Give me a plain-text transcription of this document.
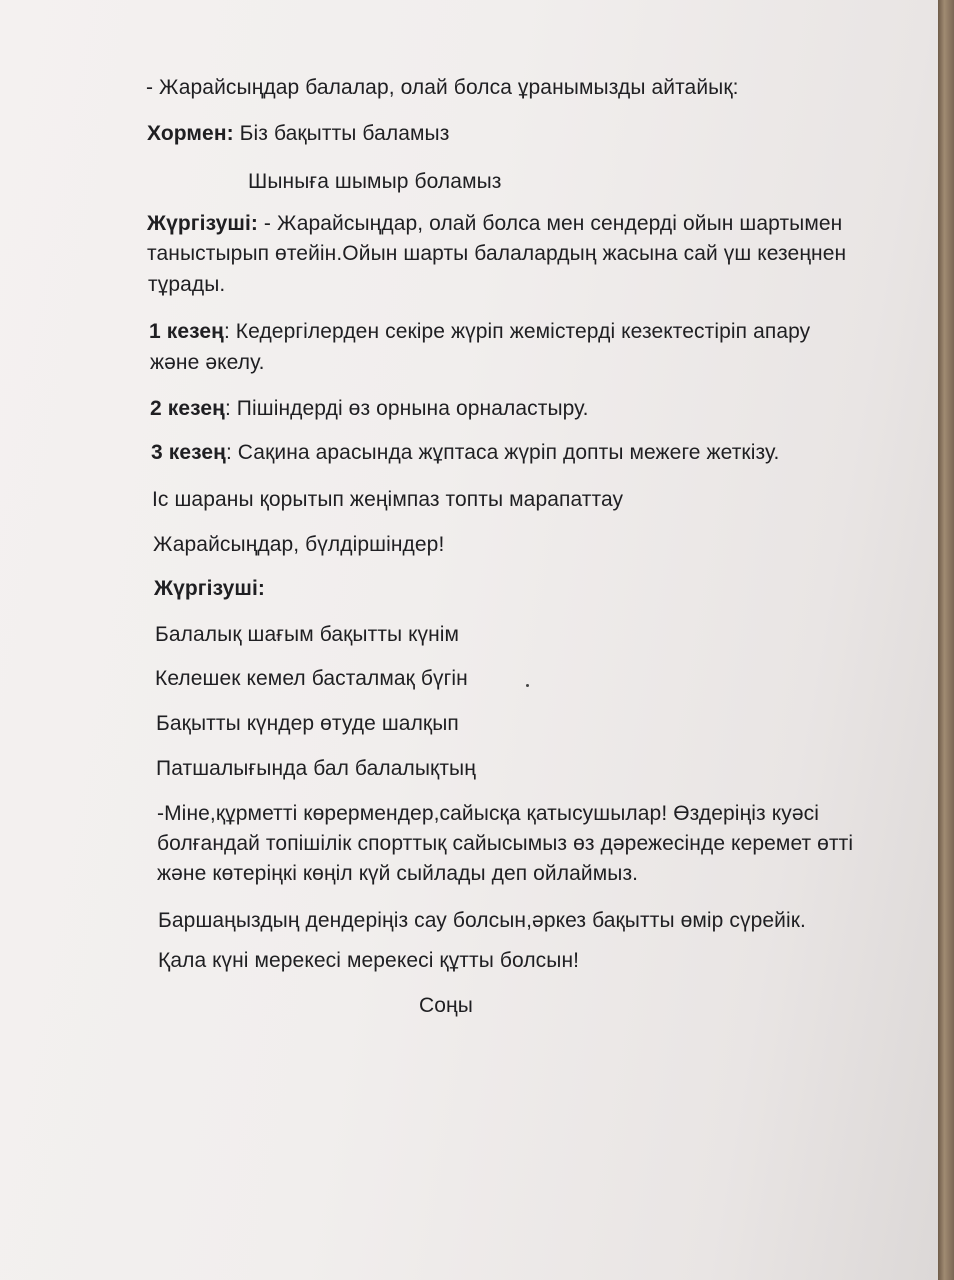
- Жарайсыңдар балалар, олай болса ұранымызды айтайық:
Хормен: Біз бақытты баламыз
Шынығa шымыр боламыз
Жүргізуші: - Жарайсыңдар, олай болса мен сендерді ойын шартымен
таныстырып өтейін.Ойын шарты балалардың жасына сай үш кезеңнен
тұрады.
1 кезең: Кедергілерден секіре жүріп жемістерді кезектестіріп апару
және әкелу.
2 кезең: Пішіндерді өз орнына орналастыру.
3 кезең: Сақина арасында жұптаса жүріп допты межеге жеткізу.
Іс шараны қорытып жеңімпаз топты марапаттау
Жарайсыңдар, бүлдіршіндер!
Жүргізуші:
Балалық шағым бақытты күнім
Келешек кемел басталмақ бүгін
Бақытты күндер өтуде шалқып
Патшалығында бал балалықтың
-Міне,құрметті көрермендер,сайысқа қатысушылар! Өздеріңіз куәсі
болғандай топішілік спорттық сайысымыз өз дәрежесінде керемет өтті
және көтеріңкі көңіл күй сыйлады деп ойлаймыз.
Баршаңыздың дендеріңіз сау болсын,әркез бақытты өмір сүрейік.
Қала күні мерекесі мерекесі құтты болсын!
Соңы
